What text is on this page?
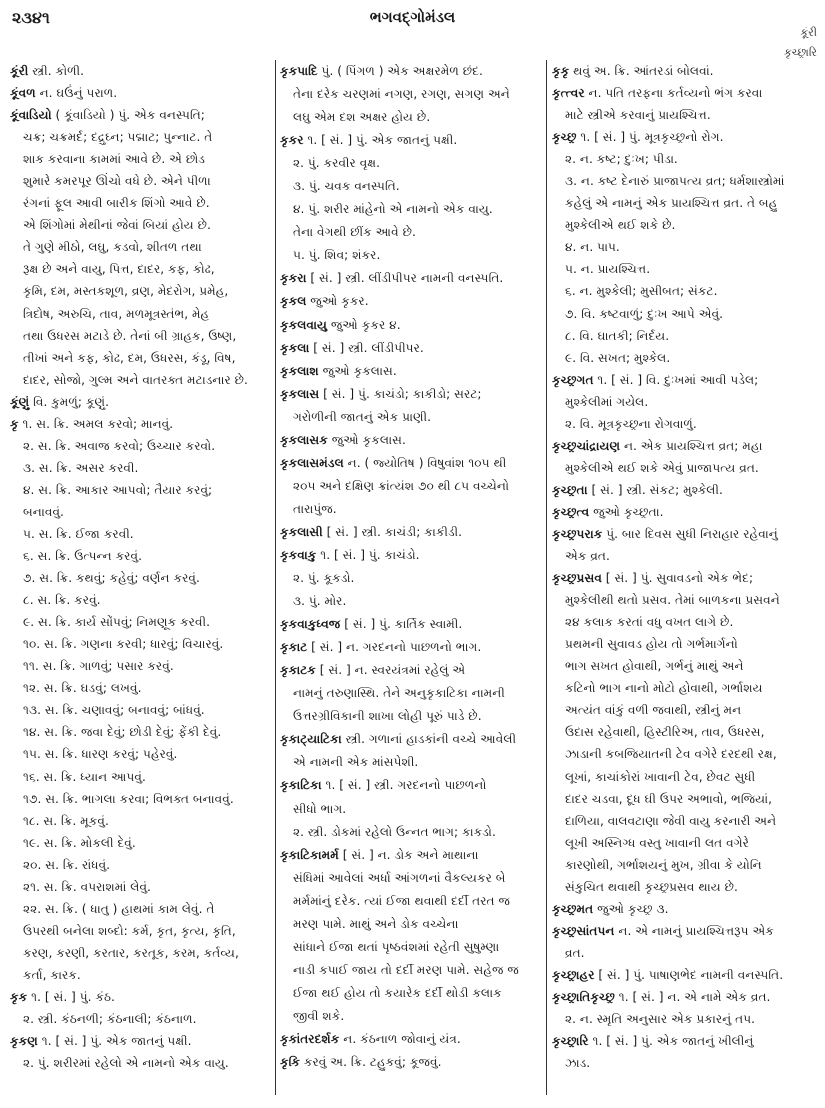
૨૩૪૧	ભગવદ્ગોમંડલ
કૂંરી
કૃચ્છ્રારિ
કૂંરી સ્ત્રી. કોળી.
કૂંવળ ન. ઘઉંનું પરાળ.
કૂંવાડિયો ( કૂંવાડિયો ) પું. એક વનસ્પતિ;
ચક્ર; ચક્રમર્દ; દદ્રુઘ્ન; પદ્માટ; પુન્નાટ. તે
શાક કરવાના કામમાં આવે છે. એ છોડ
શુમારે કમરપૂર ઊંચો વધે છે. એને પીળા
રંગનાં ફૂલ આવી બારીક શિંગો આવે છે.
એ શિંગોમાં મેથીનાં જેવાં બિયાં હોય છે.
તે ગુણે મીઠો, લઘુ, કડવો, શીતળ તથા
રૂક્ષ છે અને વાયુ, પિત્ત, દાદર, કફ, કોઢ,
કૃમિ, દમ, મસ્તકશૂળ, વ્રણ, મેદરોગ, પ્રમેહ,
ત્રિદોષ, અરુચિ, તાવ, મળમૂત્રસ્તંભ, મેહ
તથા ઉધરસ મટાડે છે. તેનાં બી ગ્રાહક, ઉષ્ણ,
તીખાં અને કફ, કોઢ, દમ, ઉધરસ, કંડૂ, વિષ,
દાદર, સોજો, ગુલ્મ અને વાતરક્ત મટાડનાર છે.
કૂંણું વિ. કુમળું; કૂણું.
કૃ ૧. સ. ક્રિ. અમલ કરવો; માનવું.
૨. સ. ક્રિ. અવાજ કરવો; ઉચ્ચાર કરવો.
૩. સ. ક્રિ. અસર કરવી.
૪. સ. ક્રિ. આકાર આપવો; તૈયાર કરવું;
બનાવવું.
૫. સ. ક્રિ. ઈજા કરવી.
૬. સ. ક્રિ. ઉત્પન્ન કરવું.
૭. સ. ક્રિ. કથવું; કહેવું; વર્ણન કરવું.
૮. સ. ક્રિ. કરવું.
૯. સ. ક્રિ. કાર્ય સોંપવું; નિમણૂક કરવી.
૧૦. સ. ક્રિ. ગણના કરવી; ધારવું; વિચારવું.
૧૧. સ. ક્રિ. ગાળવું; પસાર કરવું.
૧૨. સ. ક્રિ. ઘડવું; લખવું.
૧૩. સ. ક્રિ. ચણાવવું; બનાવવું; બાંધવું.
૧૪. સ. ક્રિ. જવા દેવું; છોડી દેવું; ફેંકી દેવું.
૧૫. સ. ક્રિ. ધારણ કરવું; પહેરવું.
૧૬. સ. ક્રિ. ધ્યાન આપવું.
૧૭. સ. ક્રિ. ભાગલા કરવા; વિભક્ત બનાવવું.
૧૮. સ. ક્રિ. મૂકવું.
૧૯. સ. ક્રિ. મોકલી દેવું.
૨૦. સ. ક્રિ. રાંધવું.
૨૧. સ. ક્રિ. વપરાશમાં લેવું.
૨૨. સ. ક્રિ. ( ધાતુ ) હાથમાં કામ લેવું. તે
ઉપરથી બનેલા શબ્દો: કર્મ, કૃત, કૃત્ય, કૃતિ,
કરણ, કરણી, કરતાર, કરતૂક, કરમ, કર્તવ્ય,
કર્તા, કારક.
કૃક ૧. [ સં. ] પું. કંઠ.
૨. સ્ત્રી. કંઠનળી; કંઠનાલી; કંઠનાળ.
કૃકણ ૧. [ સં. ] પું. એક જાતનું પક્ષી.
૨. પું. શરીરમાં રહેલો એ નામનો એક વાયુ.
કૃકપાદિ પું. ( પિંગળ ) એક અક્ષરમેળ છંદ.
તેના દરેક ચરણમાં નગણ, રગણ, સગણ અને
લઘુ એમ દશ અક્ષર હોય છે.
કૃકર ૧. [ સં. ] પું. એક જાતનું પક્ષી.
૨. પું. કરવીર વૃક્ષ.
૩. પું. ચવક વનસ્પતિ.
૪. પું. શરીર માંહેનો એ નામનો એક વાયુ.
તેના વેગથી છીંક આવે છે.
૫. પું. શિવ; શંકર.
કૃકરા [ સં. ] સ્ત્રી. લીંડીપીપર નામની વનસ્પતિ.
કૃકલ જુઓ કૃકર.
કૃકલવાયુ જુઓ કૃકર ૪.
કૃકલા [ સં. ] સ્ત્રી. લીંડીપીપર.
કૃકલાશ જુઓ કૃકલાસ.
કૃકલાસ [ સં. ] પું. કાચંડો; કાકીડો; સરટ;
ગરોળીની જાતનું એક પ્રાણી.
કૃકલાસક જુઓ કૃકલાસ.
કૃકલાસમંડલ ન. ( જ્યોતિષ ) વિષુવાંશ ૧૦૫ થી
૨૦૫ અને દક્ષિણ ક્રાંત્યંશ ૭૦ થી ૮૫ વચ્ચેનો
તારાપુંજ.
કૃકલાસી [ સં. ] સ્ત્રી. કાચંડી; કાકીડી.
કૃકવાકુ ૧. [ સં. ] પું. કાચંડો.
૨. પું. કૂકડો.
૩. પું. મોર.
કૃકવાકુધ્વજ [ સં. ] પું. કાર્તિક સ્વામી.
કૃકાટ [ સં. ] ન. ગરદનનો પાછળનો ભાગ.
કૃકાટક [ સં. ] ન. સ્વરયંત્રમાં રહેલું એ
નામનું તરુણાસ્થિ. તેને અનુકૃકાટિકા નામની
ઉત્તરગ્રીવિકાની શાખા લોહી પૂરું પાડે છે.
કૃકાટ્યાટિકા સ્ત્રી. ગળાનાં હાડકાંની વચ્ચે આવેલી
એ નામની એક માંસપેશી.
કૃકાટિકા ૧. [ સં. ] સ્ત્રી. ગરદનનો પાછળનો
સીધો ભાગ.
૨. સ્ત્રી. ડોકમાં રહેલો ઉન્નત ભાગ; કાકડો.
કૃકાટિકામર્મ [ સં. ] ન. ડોક અને માથાના
સંધિમાં આવેલાં અર્ધા આંગળનાં વૈકલ્યકર બે
મર્મમાંનું દરેક. ત્યાં ઈજા થવાથી દર્દી તરત જ
મરણ પામે. માથું અને ડોક વચ્ચેના
સાંધાને ઈજા થતાં પૃષ્ઠવંશમાં રહેતી સુષુમ્ણા
નાડી કપાઈ જાય તો દર્દી મરણ પામે. સહેજ જ
ઈજા થઈ હોય તો કયારેક દર્દી થોડી કલાક
જીવી શકે.
કૃકાંતરદર્શક ન. કંઠનાળ જોવાનું યંત્ર.
કૃકિ કરવું અ. ક્રિ. ટહુકવું; કૂજવું.
કૃકૃ થવું અ. ક્રિ. આંતરડાં બોલવાં.
કૃત્ત્વર ન. પતિ તરફના કર્તવ્યનો ભંગ કરવા
માટે સ્ત્રીએ કરવાનું પ્રાયશ્ચિત્ત.
કૃચ્છ્ર ૧. [ સં. ] પું. મૂત્રકૃચ્છ્રનો રોગ.
૨. ન. કષ્ટ; દુઃખ; પીડા.
૩. ન. કષ્ટ દેનારું પ્રાજાપત્ય વ્રત; ધર્મશાસ્ત્રોમાં
કહેલું એ નામનું એક પ્રાયશ્ચિત્ત વ્રત. તે બહુ
મુશ્કેલીએ થઈ શકે છે.
૪. ન. પાપ.
૫. ન. પ્રાયશ્ચિત્ત.
૬. ન. મુશ્કેલી; મુસીબત; સંકટ.
૭. વિ. કષ્ટવાળું; દુઃખ આપે એવું.
૮. વિ. ઘાતકી; નિર્દય.
૯. વિ. સખત; મુશ્કેલ.
કૃચ્છ્રગત ૧. [ સં. ] વિ. દુઃખમાં આવી પડેલ;
મુશ્કેલીમાં ગયેલ.
૨. વિ. મૂત્રકૃચ્છ્રના રોગવાળું.
કૃચ્છ્રચાંદ્રાયણ ન. એક પ્રાયશ્ચિત્ત વ્રત; મહા
મુશ્કેલીએ થઈ શકે એવું પ્રાજાપત્ય વ્રત.
કૃચ્છ્રતા [ સં. ] સ્ત્રી. સંકટ; મુશ્કેલી.
કૃચ્છ્રત્વ જુઓ કૃચ્છ્રતા.
કૃચ્છ્રપરાક પું. બાર દિવસ સુધી નિરાહાર રહેવાનું
એક વ્રત.
કૃચ્છ્રપ્રસવ [ સં. ] પું. સુવાવડનો એક ભેદ;
મુશ્કેલીથી થતો પ્રસવ. તેમાં બાળકના પ્રસવને
૨૪ કલાક કરતાં વધુ વખત લાગે છે.
પ્રથમની સુવાવડ હોય તો ગર્ભમાર્ગનો
ભાગ સખત હોવાથી, ગર્ભનું માથું અને
કટિનો ભાગ નાનો મોટો હોવાથી, ગર્ભાશય
અત્યંત વાંકું વળી જવાથી, સ્ત્રીનું મન
ઉદાસ રહેવાથી, હિસ્ટીરિઅ, તાવ, ઉધરસ,
ઝાડાની કબજિયાતની ટેવ વગેરે દરદથી રક્ષ,
લૂખાં, કાચાંકોરાં ખાવાની ટેવ, છેવટ સુધી
દાદર ચડવા, દૂધ ઘી ઉપર અભાવો, ભજિયાં,
દાળિયા, વાલવટાણા જેવી વાયુ કરનારી અને
લૂખી અસ્નિગ્ધ વસ્તુ ખાવાની લત વગેરે
કારણોથી, ગર્ભાશયનું મુખ, ગ્રીવા કે યોનિ
સંકુચિત થવાથી કૃચ્છ્રપ્રસવ થાય છે.
કૃચ્છ્રમત જુઓ કૃચ્છ્ર ૩.
કૃચ્છ્રસાંતપન ન. એ નામનું પ્રાયશ્ચિત્તરૂપ એક
વ્રત.
કૃચ્છ્રાહર [ સં. ] પું. પાષાણભેદ નામની વનસ્પતિ.
કૃચ્છ્રાતિકૃચ્છ્ર ૧. [ સં. ] ન. એ નામે એક વ્રત.
૨. ન. સ્મૃતિ અનુસાર એક પ્રકારનું તપ.
કૃચ્છ્રારિ ૧. [ સં. ] પું. એક જાતનું ખીલીનું
ઝાડ.
